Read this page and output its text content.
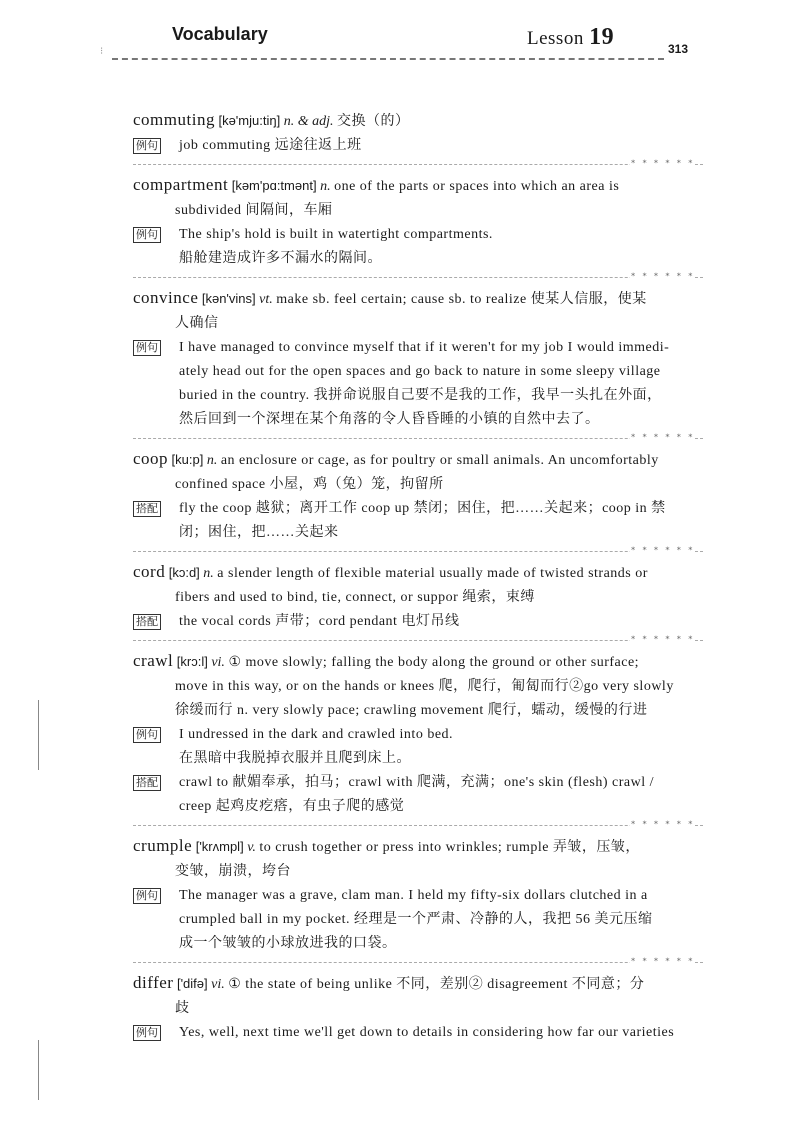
Vocabulary	Lesson 19	313
⁝
commuting [kə'mju:tiŋ] n. & adj. 交换（的）
例句 job commuting 远途往返上班
∗ ∗ ∗ ∗ ∗ ∗
compartment [kəm'pɑ:tmənt] n. one of the parts or spaces into which an area is
subdivided 间隔间，车厢
例句 The ship's hold is built in watertight compartments.
船舱建造成许多不漏水的隔间。
∗ ∗ ∗ ∗ ∗ ∗
convince [kən'vins] vt. make sb. feel certain; cause sb. to realize 使某人信服，使某
人确信
例句 I have managed to convince myself that if it weren't for my job I would immedi-
ately head out for the open spaces and go back to nature in some sleepy village
buried in the country. 我拼命说服自己要不是我的工作，我早一头扎在外面，
然后回到一个深埋在某个角落的令人昏昏睡的小镇的自然中去了。
∗ ∗ ∗ ∗ ∗ ∗
coop [ku:p] n. an enclosure or cage, as for poultry or small animals. An uncomfortably
confined space 小屋，鸡（兔）笼，拘留所
搭配 fly the coop 越狱；离开工作 coop up 禁闭；困住，把……关起来；coop in 禁
闭；困住，把……关起来
∗ ∗ ∗ ∗ ∗ ∗
cord [kɔ:d] n. a slender length of flexible material usually made of twisted strands or
fibers and used to bind, tie, connect, or suppor 绳索，束缚
搭配 the vocal cords 声带；cord pendant 电灯吊线
∗ ∗ ∗ ∗ ∗ ∗
crawl [krɔ:l] vi. ① move slowly; falling the body along the ground or other surface;
move in this way, or on the hands or knees 爬，爬行，匍匐而行②go very slowly
徐缓而行 n. very slowly pace; crawling movement 爬行，蠕动，缓慢的行进
例句 I undressed in the dark and crawled into bed.
在黑暗中我脱掉衣服并且爬到床上。
搭配 crawl to 献媚奉承，拍马；crawl with 爬满，充满；one's skin (flesh) crawl /
creep 起鸡皮疙瘩，有虫子爬的感觉
∗ ∗ ∗ ∗ ∗ ∗
crumple ['krʌmpl] v. to crush together or press into wrinkles; rumple 弄皱，压皱，
变皱，崩溃，垮台
例句 The manager was a grave, clam man. I held my fifty-six dollars clutched in a
crumpled ball in my pocket. 经理是一个严肃、冷静的人，我把 56 美元压缩
成一个皱皱的小球放进我的口袋。
∗ ∗ ∗ ∗ ∗ ∗
differ ['difə] vi. ① the state of being unlike 不同，差别② disagreement 不同意；分
歧
例句 Yes, well, next time we'll get down to details in considering how far our varieties
